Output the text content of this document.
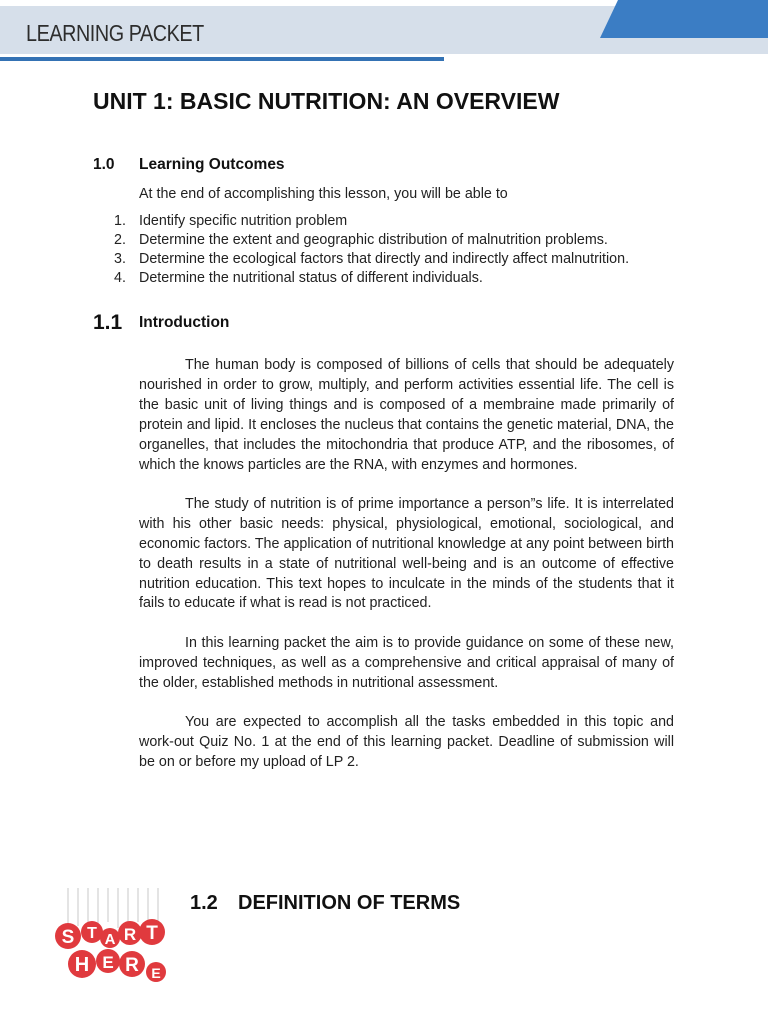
LEARNING PACKET
UNIT 1: BASIC NUTRITION: AN OVERVIEW
1.0 Learning Outcomes
At the end of accomplishing this lesson, you will be able to
1. Identify specific nutrition problem
2. Determine the extent and geographic distribution of malnutrition problems.
3. Determine the ecological factors that directly and indirectly affect malnutrition.
4. Determine the nutritional status of different individuals.
1.1 Introduction

The human body is composed of billions of cells that should be adequately nourished in order to grow, multiply, and perform activities essential life. The cell is the basic unit of living things and is composed of a membraine made primarily of protein and lipid. It encloses the nucleus that contains the genetic material, DNA, the organelles, that includes the mitochondria that produce ATP, and the ribosomes, of which the knows particles are the RNA, with enzymes and hormones.

The study of nutrition is of prime importance a person”s life. It is interrelated with his other basic needs: physical, physiological, emotional, sociological, and economic factors. The application of nutritional knowledge at any point between birth to death results in a state of nutritional well-being and is an outcome of effective nutrition education. This text hopes to inculcate in the minds of the students that it fails to educate if what is read is not practiced.

In this learning packet the aim is to provide guidance on some of these new, improved techniques, as well as a comprehensive and critical appraisal of many of the older, established methods in nutritional assessment.

You are expected to accomplish all the tasks embedded in this topic and work-out Quiz No. 1 at the end of this learning packet. Deadline of submission will be on or before my upload of LP 2.

S T A R T
H E R E
1.2 DEFINITION OF TERMS
